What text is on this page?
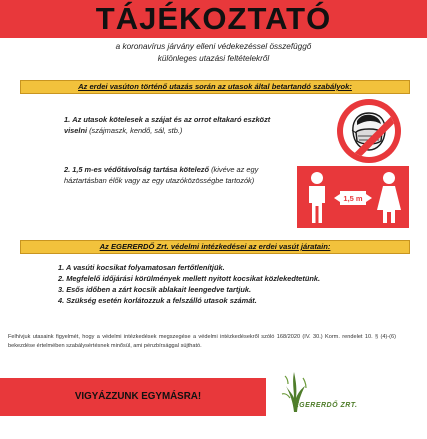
TÁJÉKOZTATÓ
a koronavírus járvány elleni védekezéssel összefüggő
különleges utazási feltételekről
Az erdei vasúton történő utazás során az utasok által betartandó szabályok:
1. Az utasok kötelesek a szájat és az orrot eltakaró eszközt viselni (szájmaszk, kendő, sál, stb.)
2. 1,5 m-es védőtávolság tartása kötelező (kivéve az egy háztartásban élők vagy az egy utazóközösségbe tartozók)
1,5 m
Az EGERERDŐ Zrt. védelmi intézkedései az erdei vasút járatain:
1. A vasúti kocsikat folyamatosan fertőtlenítjük.
2. Megfelelő időjárási körülmények mellett nyitott kocsikat közlekedtetünk.
3. Esős időben a zárt kocsik ablakait leengedve tartjuk.
4. Szükség esetén korlátozzuk a felszálló utasok számát.

Felhívjuk utasaink figyelmét, hogy a védelmi intézkedések megszegése a védelmi intézkedésekről szóló 168/2020 (IV. 30.) Korm. rendelet 10. § (4)-(6) bekezdése értelmében szabálysértésnek minősül, ami pénzbírsággal sújtható.

VIGYÁZZUNK EGYMÁSRA!
EGERERDŐ ZRT.
